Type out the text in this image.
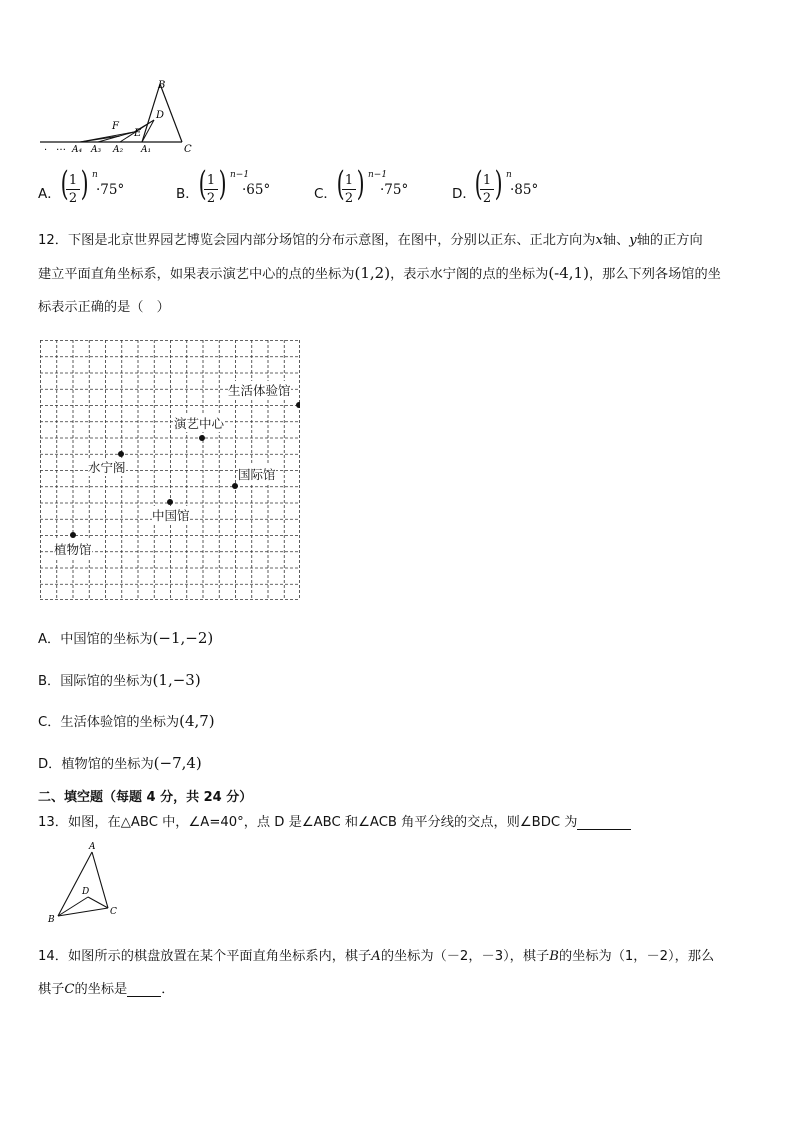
B
D
F
E
C
A₁
A₂
A₃
A₄
…
.
A． (
$\frac{1}{2}$ ) n
·75°	B． (
$\frac{1}{2}$ ) n−1
·65°	C． (
$\frac{1}{2}$ ) n−1
·75°	D．
(
$\frac{1}{2}$ ) n
·85°
12．下图是北京世界园艺博览会园内部分场馆的分布示意图，在图中，分别以正东、正北方向为x轴、y轴的正方向
建立平面直角坐标系，如果表示演艺中心的点的坐标为(1,2)，表示水宁阁的点的坐标为(-4,1)，那么下列各场馆的坐
标表示正确的是（　）
生活体验馆
演艺中心
水宁阁	国际馆
中国馆
植物馆
A．中国馆的坐标为(−1,−2)
B．国际馆的坐标为(1,−3)
C．生活体验馆的坐标为(4,7)
D．植物馆的坐标为(−7,4)
二、填空题（每题 4 分，共 24 分）
13．如图，在△ABC 中，∠A=40°，点 D 是∠ABC 和∠ACB 角平分线的交点，则∠BDC 为
A
B
C
D
14．如图所示的棋盘放置在某个平面直角坐标系内，棋子A的坐标为（－2，－3），棋子B的坐标为（1，－2），那么
棋子C的坐标是	．
